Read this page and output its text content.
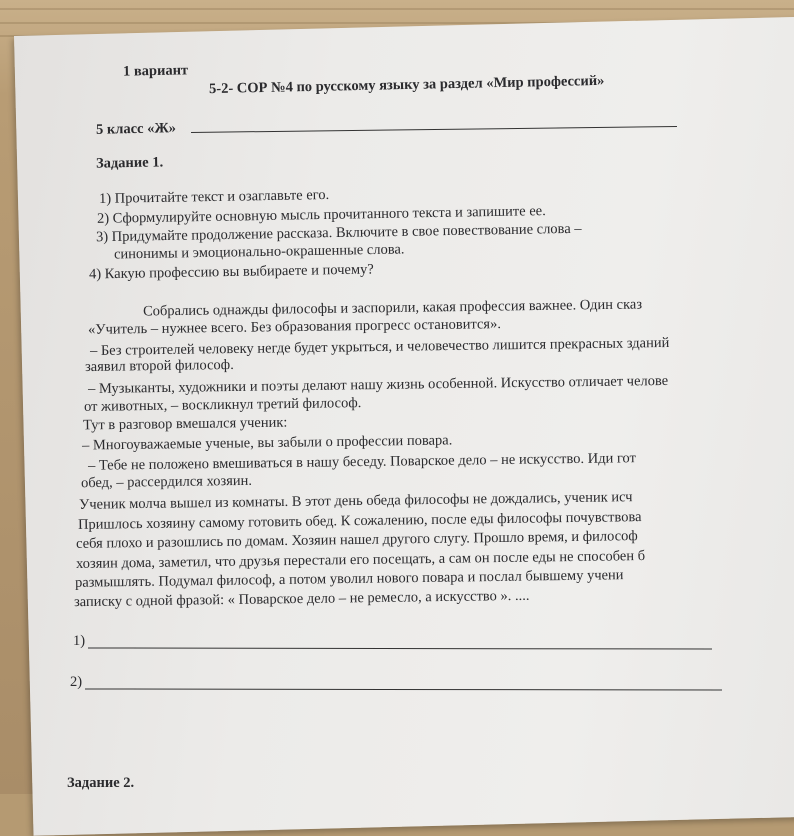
1 вариант
5-2- СОР №4 по русскому языку за раздел «Мир профессий»
5 класс «Ж»
Задание 1.
1) Прочитайте текст и озаглавьте его.
2) Сформулируйте основную мысль прочитанного текста и запишите ее.
3) Придумайте продолжение рассказа. Включите в свое повествование слова –
синонимы и эмоционально-окрашенные слова.
4) Какую профессию вы выбираете и почему?
Собрались однажды философы и заспорили, какая профессия важнее. Один сказ
«Учитель – нужнее всего. Без образования прогресс остановится».
– Без строителей человеку негде будет укрыться, и человечество лишится прекрасных зданий
заявил второй философ.
– Музыканты, художники и поэты делают нашу жизнь особенной. Искусство отличает челове
от животных, – воскликнул третий философ.
Тут в разговор вмешался ученик:
– Многоуважаемые ученые, вы забыли о профессии повара.
– Тебе не положено вмешиваться в нашу беседу. Поварское дело – не искусство. Иди гот
обед, – рассердился хозяин.
Ученик молча вышел из комнаты. В этот день обеда философы не дождались, ученик исч
Пришлось хозяину самому готовить обед. К сожалению, после еды философы почувствова
себя плохо и разошлись по домам. Хозяин нашел другого слугу. Прошло время, и философ
хозяин дома, заметил, что друзья перестали его посещать, а сам он после еды не способен б
размышлять. Подумал философ, а потом уволил нового повара и послал бывшему учени
записку с одной фразой: « Поварское дело – не ремесло, а искусство ». ....
1)
2)
Задание 2.
